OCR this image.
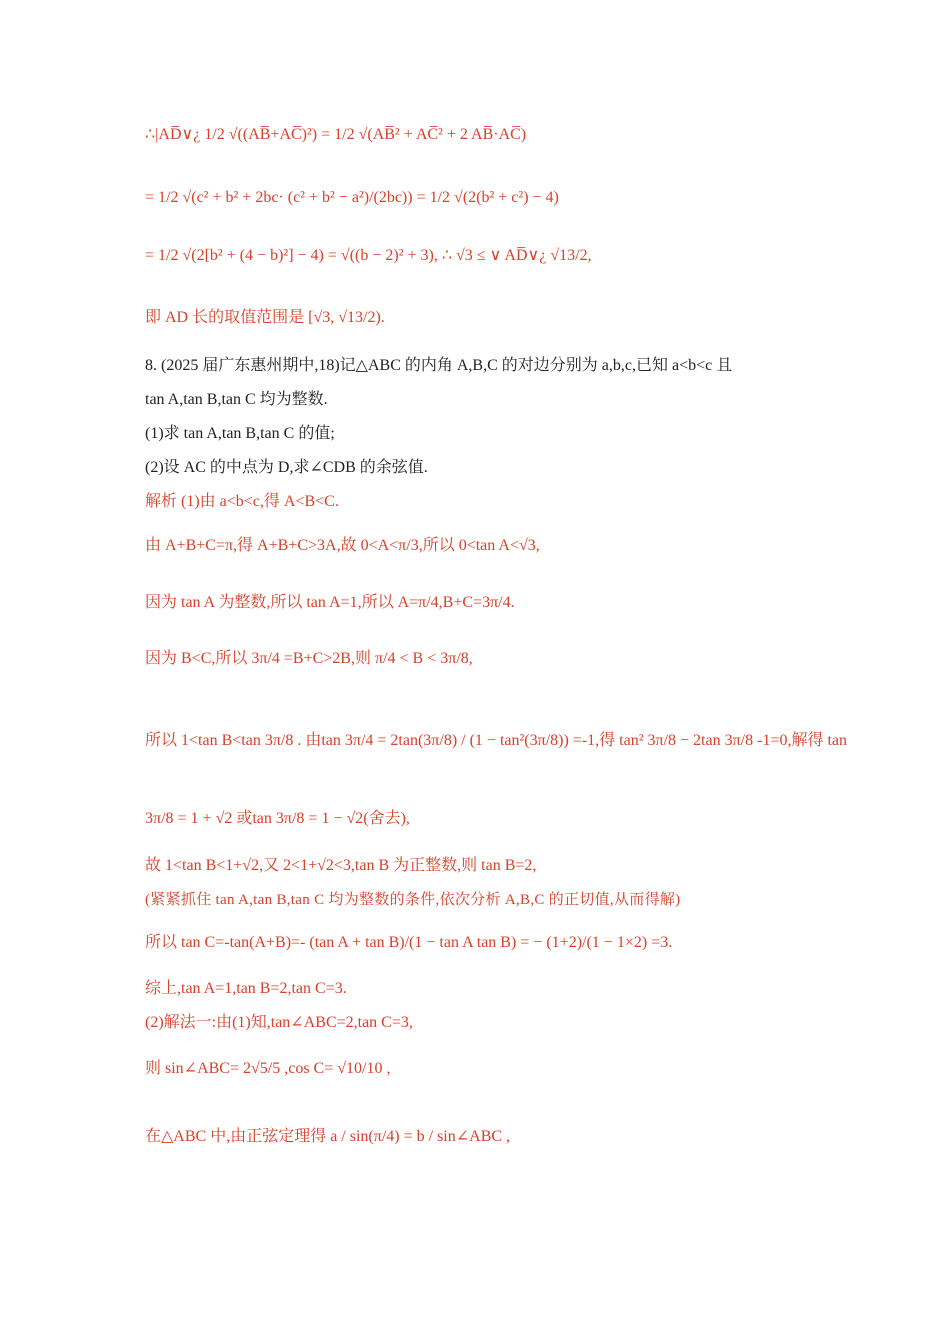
∴|AD̅∨¿ 1/2 √((AB̅+AC̅)²) = 1/2 √(AB̅² + AC̅² + 2 AB̅·AC̅)
= 1/2 √(c² + b² + 2bc· (c² + b² − a²)/(2bc)) = 1/2 √(2(b² + c²) − 4)
= 1/2 √(2[b² + (4 − b)²] − 4) = √((b − 2)² + 3), ∴ √3 ≤ ∨ AD̅∨¿ √13/2,
即 AD 长的取值范围是 [√3, √13/2).
8. (2025 届广东惠州期中,18)记△ABC 的内角 A,B,C 的对边分别为 a,b,c,已知 a<b<c 且
tan A,tan B,tan C 均为整数.
(1)求 tan A,tan B,tan C 的值;
(2)设 AC 的中点为 D,求∠CDB 的余弦值.
解析 (1)由 a<b<c,得 A<B<C.
由 A+B+C=π,得 A+B+C>3A,故 0<A<π/3,所以 0<tan A<√3,
因为 tan A 为整数,所以 tan A=1,所以 A=π/4,B+C=3π/4.
因为 B<C,所以 3π/4 =B+C>2B,则 π/4 < B < 3π/8,
所以 1<tan B<tan 3π/8 . 由tan 3π/4 = 2tan(3π/8) / (1 − tan²(3π/8)) =-1,得 tan² 3π/8 − 2tan 3π/8 -1=0,解得 tan
3π/8 = 1 + √2 或tan 3π/8 = 1 − √2(舍去),
故 1<tan B<1+√2,又 2<1+√2<3,tan B 为正整数,则 tan B=2,
(紧紧抓住 tan A,tan B,tan C 均为整数的条件,依次分析 A,B,C 的正切值,从而得解)
所以 tan C=-tan(A+B)=- (tan A + tan B)/(1 − tan A tan B) = − (1+2)/(1 − 1×2) =3.
综上,tan A=1,tan B=2,tan C=3.
(2)解法一:由(1)知,tan∠ABC=2,tan C=3,
则 sin∠ABC= 2√5/5 ,cos C= √10/10 ,
在△ABC 中,由正弦定理得 a / sin(π/4) = b / sin∠ABC ,
